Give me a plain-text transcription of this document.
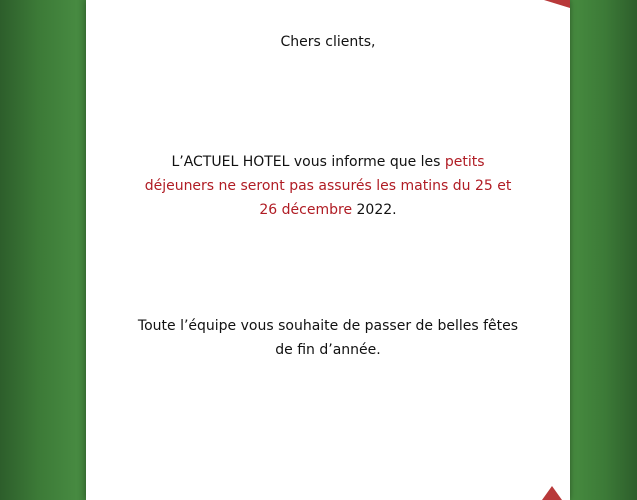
Chers clients,
L’ACTUEL HOTEL vous informe que les petits déjeuners ne seront pas assurés les matins du 25 et 26 décembre 2022.
Toute l’équipe vous souhaite de passer de belles fêtes de fin d’année.
